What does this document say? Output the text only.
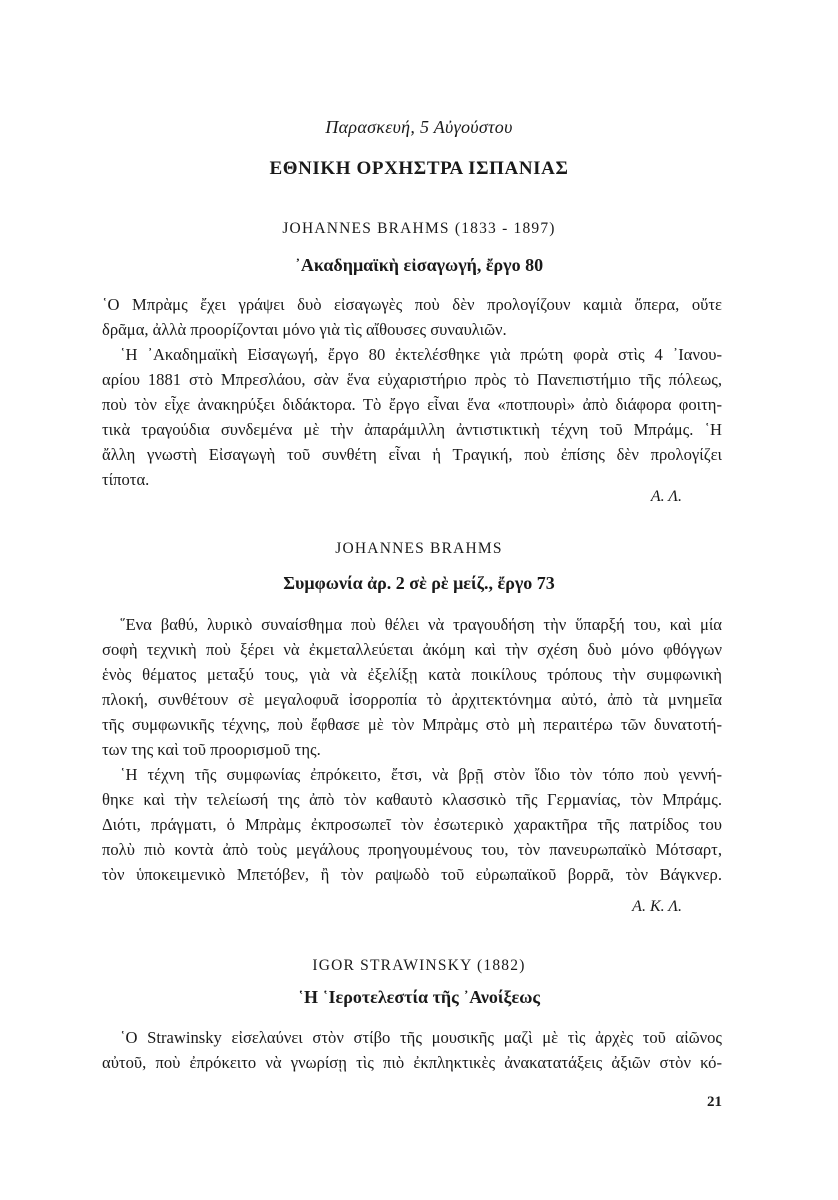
Παρασκευή, 5 Αὐγούστου
ΕΘΝΙΚΗ ΟΡΧΗΣΤΡΑ ΙΣΠΑΝΙΑΣ
JOHANNES BRAHMS (1833 - 1897)
᾿Ακαδημαϊκὴ εἰσαγωγή, ἔργο 80
῾Ο Μπρὰμς ἔχει γράψει δυὸ εἰσαγωγὲς ποὺ δὲν προλογίζουν καμιὰ ὄπερα, οὔτε
δρᾶμα, ἀλλὰ προορίζονται μόνο γιὰ τὶς αἴθουσες συναυλιῶν.
῾Η ᾿Ακαδημαϊκὴ Εἰσαγωγή, ἔργο 80 ἐκτελέσθηκε γιὰ πρώτη φορὰ στὶς 4 ᾿Ιανου-
αρίου 1881 στὸ Μπρεσλάου, σὰν ἕνα εὐχαριστήριο πρὸς τὸ Πανεπιστήμιο τῆς πόλεως,
ποὺ τὸν εἶχε ἀνακηρύξει διδάκτορα. Τὸ ἔργο εἶναι ἕνα «ποτπουρὶ» ἀπὸ διάφορα φοιτη-
τικὰ τραγούδια συνδεμένα μὲ τὴν ἀπαράμιλλη ἀντιστικτικὴ τέχνη τοῦ Μπράμς. ῾Η
ἄλλη γνωστὴ Εἰσαγωγὴ τοῦ συνθέτη εἶναι ἡ Τραγική, ποὺ ἐπίσης δὲν προλογίζει
τίποτα.
Α. Λ.
JOHANNES BRAHMS
Συμφωνία ἀρ. 2 σὲ ρὲ μείζ., ἔργο 73
῞Ενα βαθύ, λυρικὸ συναίσθημα ποὺ θέλει νὰ τραγουδήση τὴν ὕπαρξή του, καὶ μία
σοφὴ τεχνικὴ ποὺ ξέρει νὰ ἐκμεταλλεύεται ἀκόμη καὶ τὴν σχέση δυὸ μόνο φθόγγων
ἑνὸς θέματος μεταξύ τους, γιὰ νὰ ἐξελίξῃ κατὰ ποικίλους τρόπους τὴν συμφωνικὴ
πλοκή, συνθέτουν σὲ μεγαλοφυᾶ ἰσορροπία τὸ ἀρχιτεκτόνημα αὐτό, ἀπὸ τὰ μνημεῖα
τῆς συμφωνικῆς τέχνης, ποὺ ἔφθασε μὲ τὸν Μπρὰμς στὸ μὴ περαιτέρω τῶν δυνατοτή-
των της καὶ τοῦ προορισμοῦ της.
῾Η τέχνη τῆς συμφωνίας ἐπρόκειτο, ἔτσι, νὰ βρῇ στὸν ἴδιο τὸν τόπο ποὺ γεννή-
θηκε καὶ τὴν τελείωσή της ἀπὸ τὸν καθαυτὸ κλασσικὸ τῆς Γερμανίας, τὸν Μπράμς.
Διότι, πράγματι, ὁ Μπρὰμς ἐκπροσωπεῖ τὸν ἐσωτερικὸ χαρακτῆρα τῆς πατρίδος του
πολὺ πιὸ κοντὰ ἀπὸ τοὺς μεγάλους προηγουμένους του, τὸν πανευρωπαϊκὸ Μότσαρτ,
τὸν ὑποκειμενικὸ Μπετόβεν, ἢ τὸν ραψωδὸ τοῦ εὐρωπαϊκοῦ βορρᾶ, τὸν Βάγκνερ.
Α. Κ. Λ.
IGOR STRAWINSKY (1882)
῾Η ῾Ιεροτελεστία τῆς ᾿Ανοίξεως
῾Ο Strawinsky εἰσελαύνει στὸν στίβο τῆς μουσικῆς μαζὶ μὲ τὶς ἀρχὲς τοῦ αἰῶνος
αὐτοῦ, ποὺ ἐπρόκειτο νὰ γνωρίσῃ τὶς πιὸ ἐκπληκτικὲς ἀνακατατάξεις ἀξιῶν στὸν κό-
21
